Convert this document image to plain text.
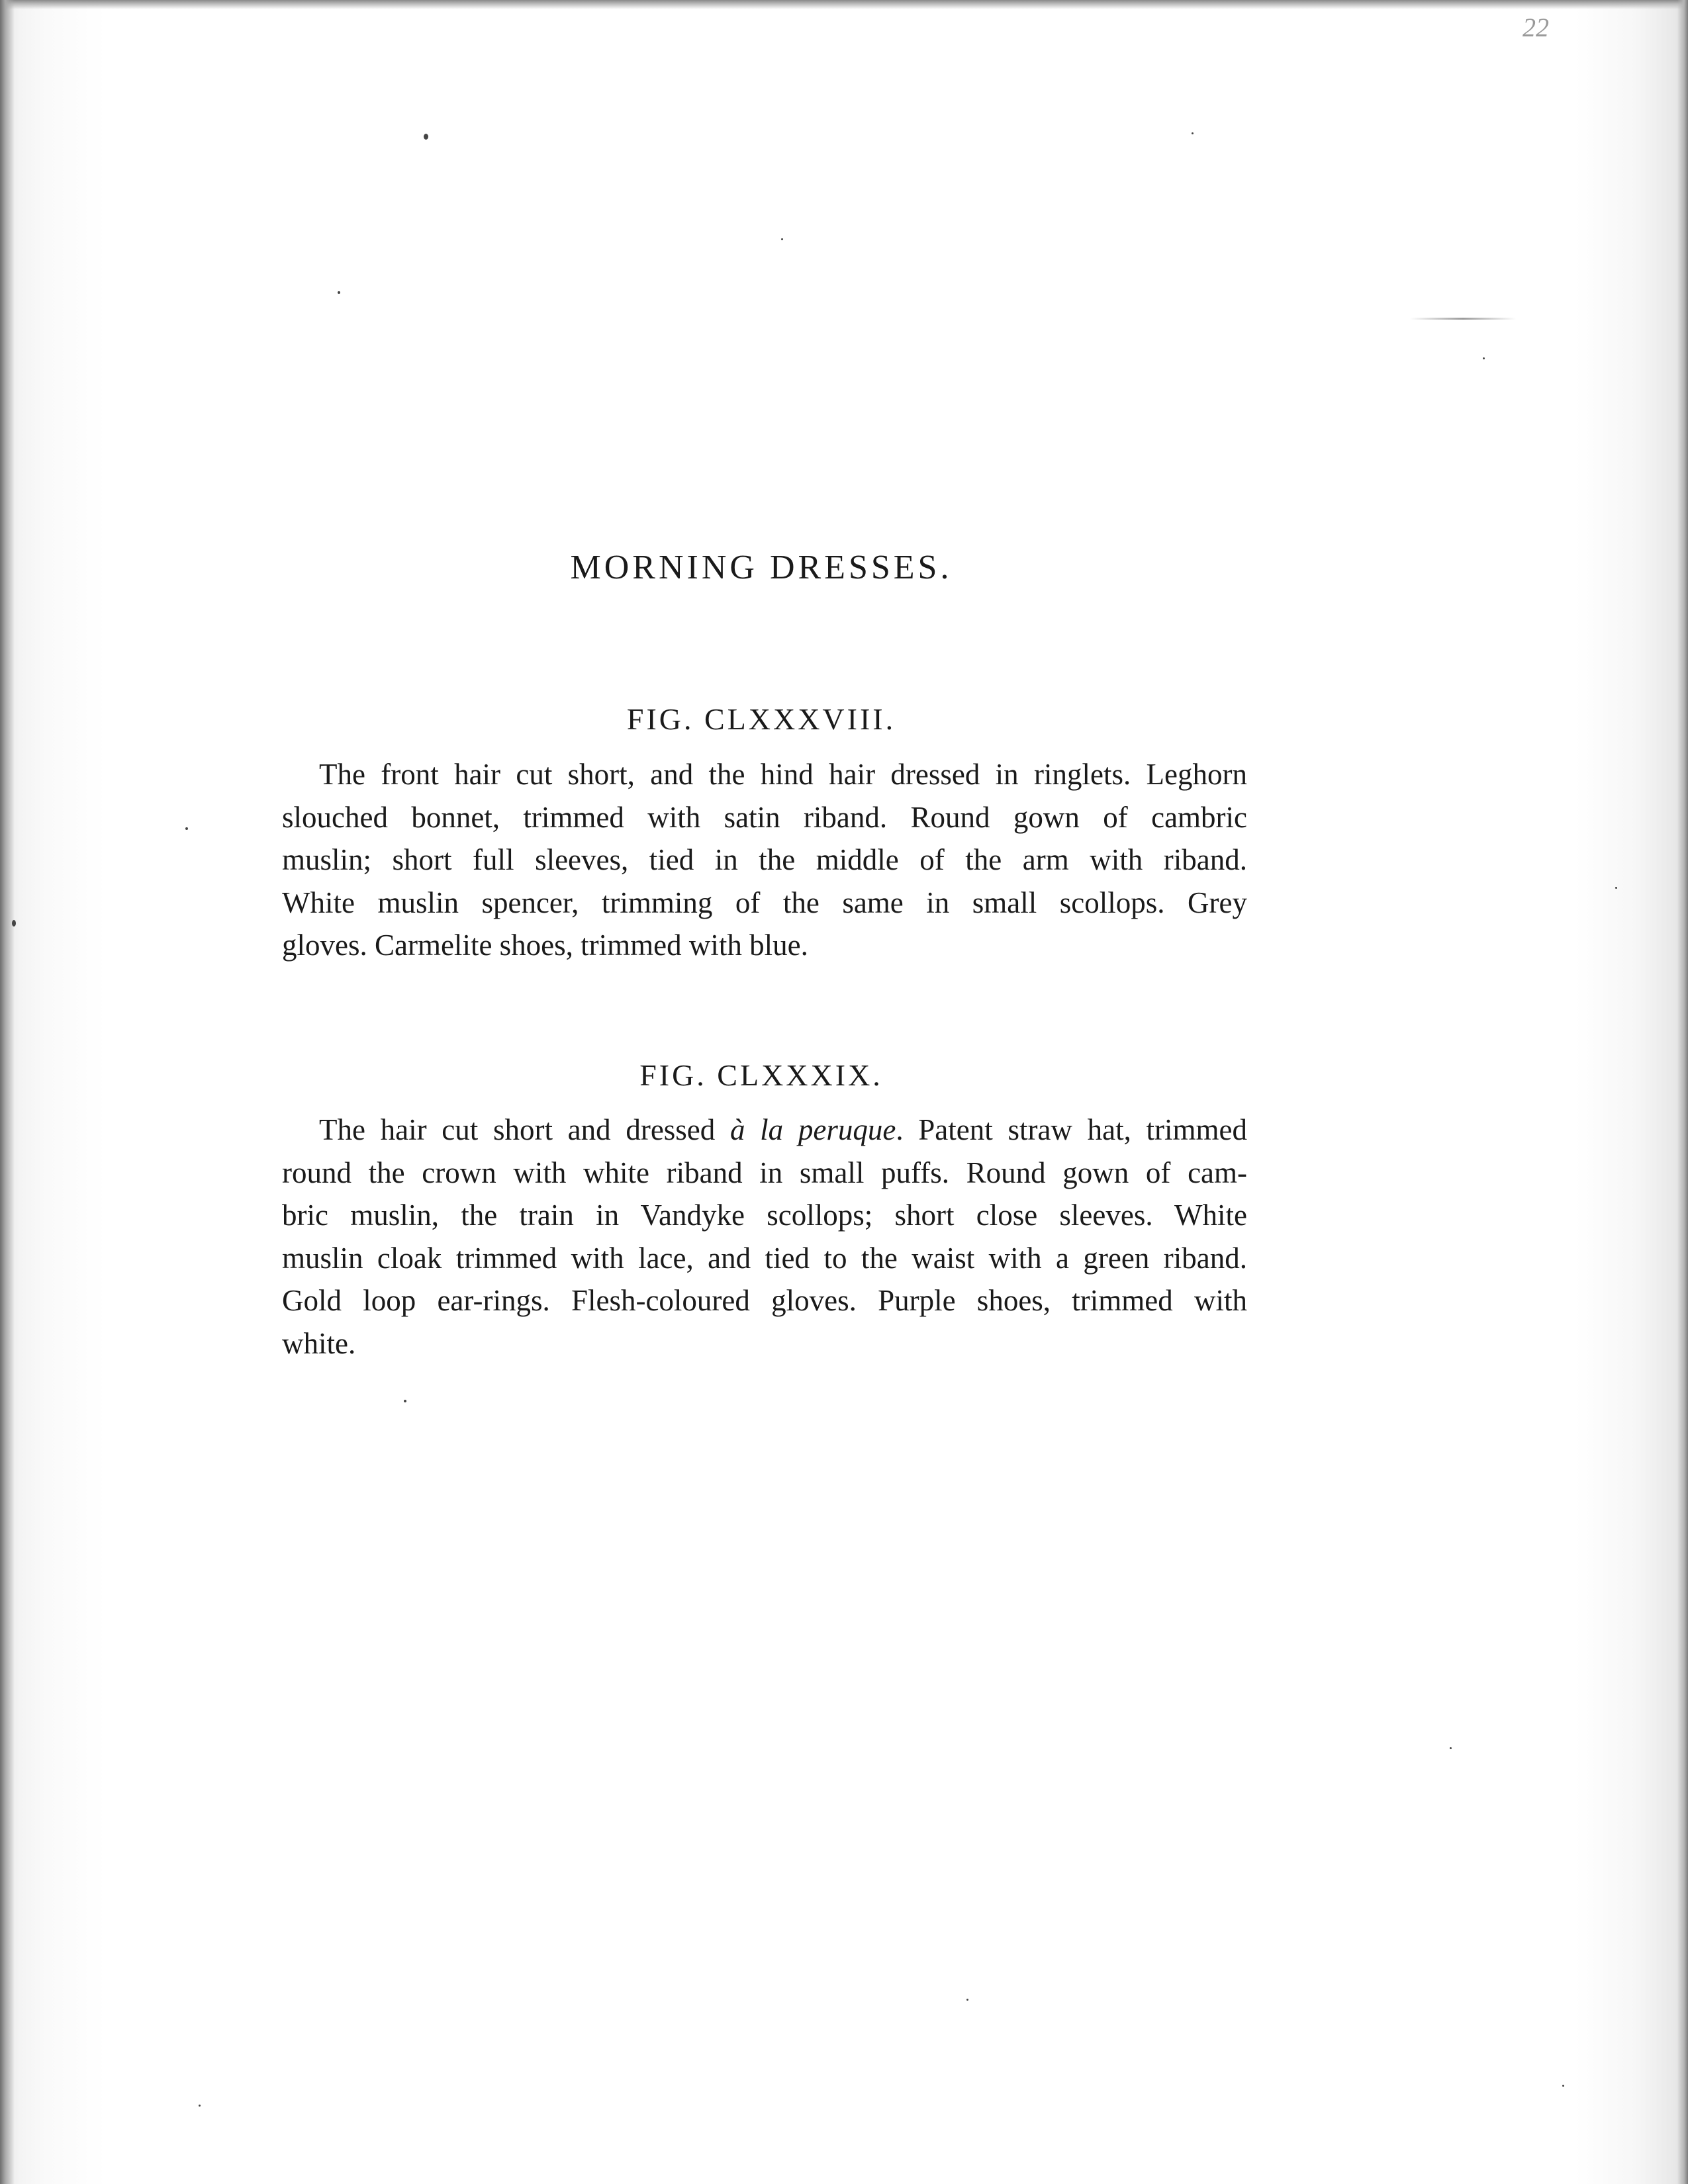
22
MORNING DRESSES.
FIG. CLXXXVIII.
The front hair cut short, and the hind hair dressed in ringlets. Leghorn
slouched bonnet, trimmed with satin riband. Round gown of cambric
muslin; short full sleeves, tied in the middle of the arm with riband.
White muslin spencer, trimming of the same in small scollops. Grey
gloves. Carmelite shoes, trimmed with blue.
FIG. CLXXXIX.
The hair cut short and dressed à la peruque. Patent straw hat, trimmed
round the crown with white riband in small puffs. Round gown of cam-
bric muslin, the train in Vandyke scollops; short close sleeves. White
muslin cloak trimmed with lace, and tied to the waist with a green riband.
Gold loop ear-rings. Flesh-coloured gloves. Purple shoes, trimmed with
white.
